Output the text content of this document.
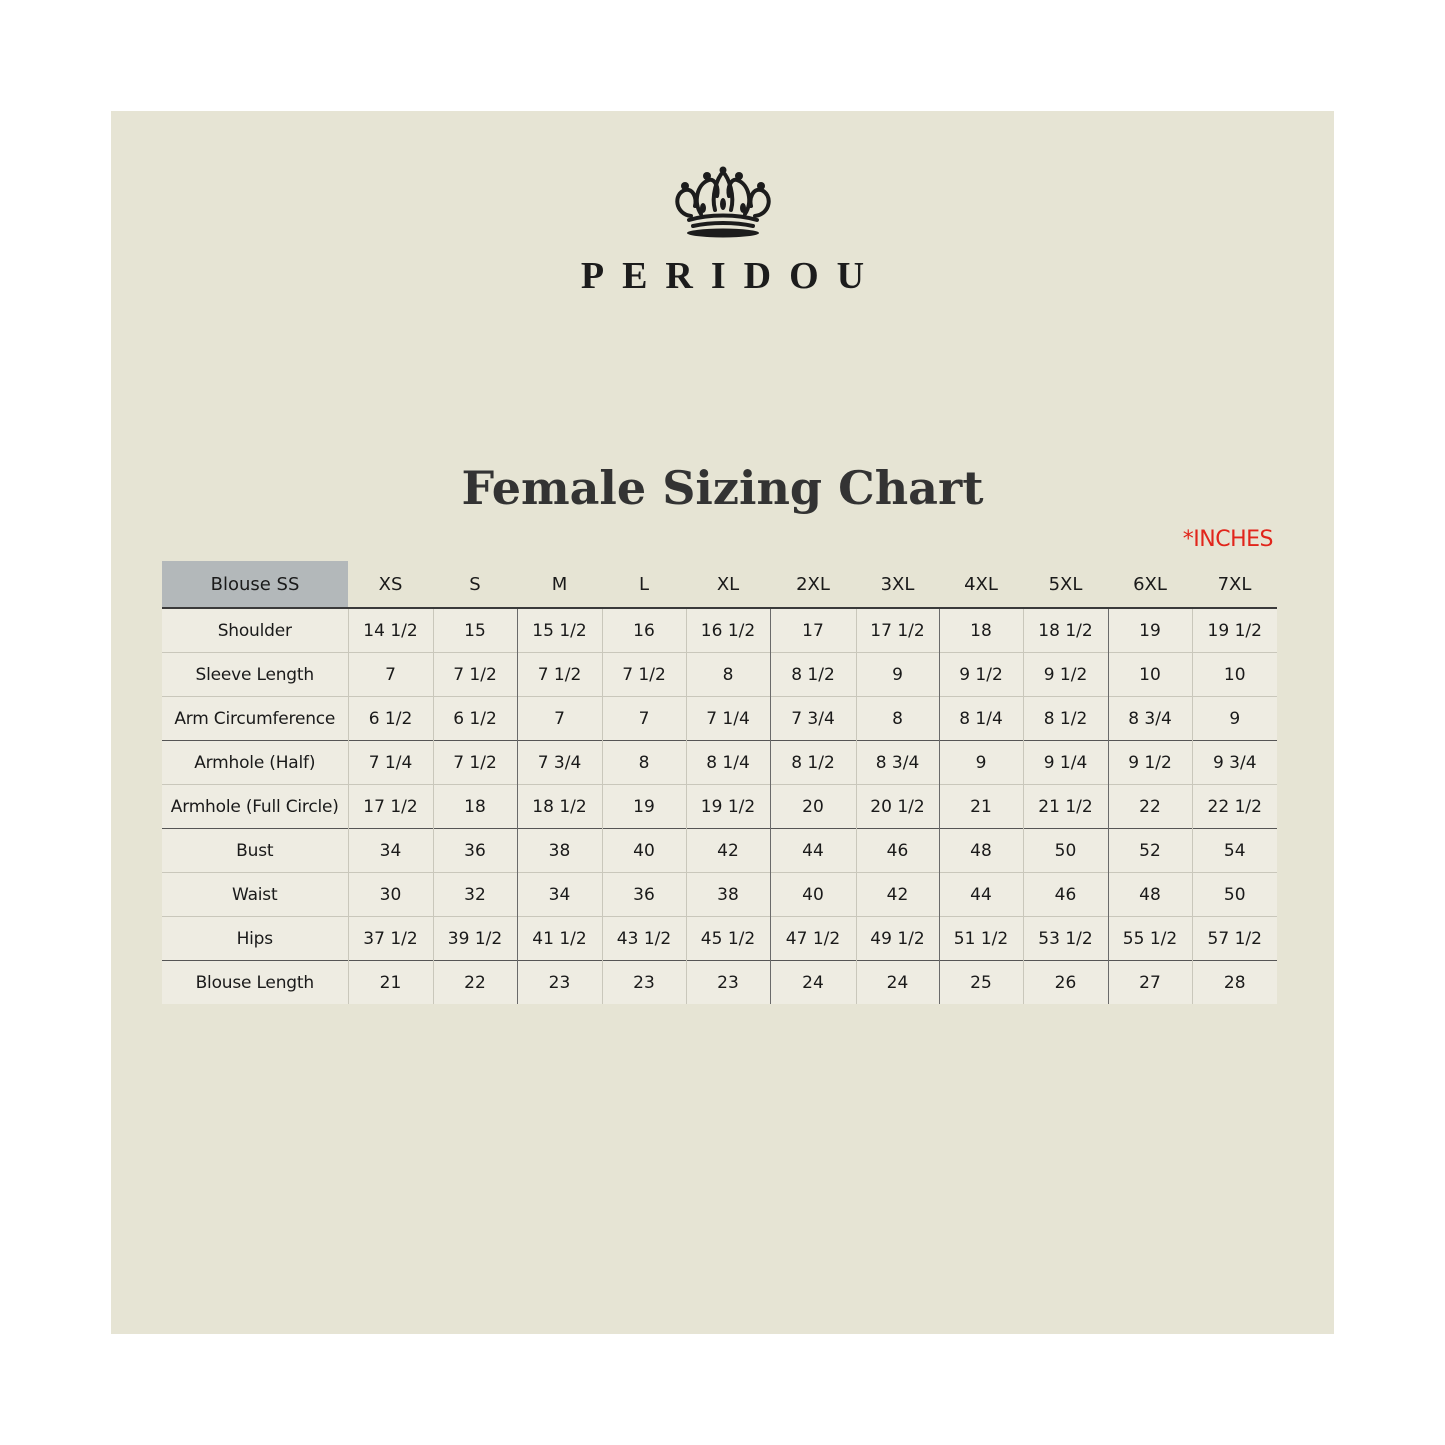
PERIDOU
Female Sizing Chart
*INCHES
Blouse SS	XS	S	M	L	XL	2XL	3XL	4XL	5XL	6XL	7XL
Shoulder	14 1/2	15	15 1/2	16	16 1/2	17	17 1/2	18	18 1/2	19	19 1/2
Sleeve Length	7	7 1/2	7 1/2	7 1/2	8	8 1/2	9	9 1/2	9 1/2	10	10
Arm Circumference	6 1/2	6 1/2	7	7	7 1/4	7 3/4	8	8 1/4	8 1/2	8 3/4	9
Armhole (Half)	7 1/4	7 1/2	7 3/4	8	8 1/4	8 1/2	8 3/4	9	9 1/4	9 1/2	9 3/4
Armhole (Full Circle)	17 1/2	18	18 1/2	19	19 1/2	20	20 1/2	21	21 1/2	22	22 1/2
Bust	34	36	38	40	42	44	46	48	50	52	54
Waist	30	32	34	36	38	40	42	44	46	48	50
Hips	37 1/2	39 1/2	41 1/2	43 1/2	45 1/2	47 1/2	49 1/2	51 1/2	53 1/2	55 1/2	57 1/2
Blouse Length	21	22	23	23	23	24	24	25	26	27	28
